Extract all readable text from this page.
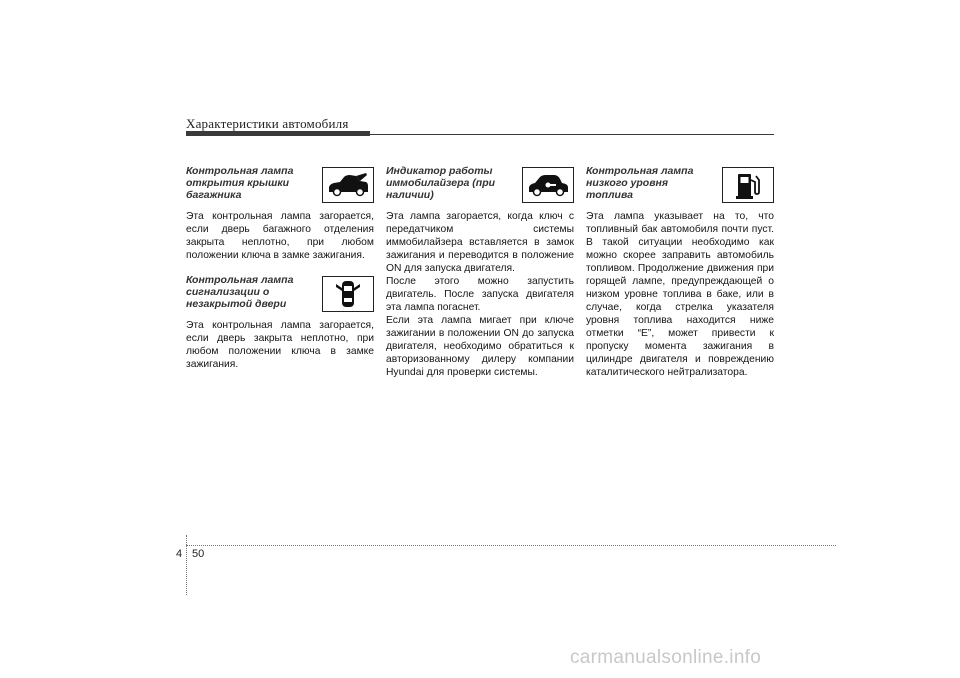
Характеристики автомобиля
Контрольная лампа открытия крышки багажника

Эта контрольная лампа загорается, если дверь багажного отделения закрыта неплотно, при любом положении ключа в замке зажигания.

Контрольная лампа сигнализации о незакрытой двери

Эта контрольная лампа загорается, если дверь закрыта неплотно, при любом положении ключа в замке зажигания.

Индикатор работы иммобилайзера (при наличии)

Эта лампа загорается, когда ключ с передатчиком системы иммобилайзера вставляется в замок зажигания и переводится в положение ON для запуска двигателя.

После этого можно запустить двигатель. После запуска двигателя эта лампа погаснет.

Если эта лампа мигает при ключе зажигании в положении ON до запуска двигателя, необходимо обратиться к авторизованному дилеру компании Hyundai для проверки системы.

Контрольная лампа низкого уровня топлива

Эта лампа указывает на то, что топливный бак автомобиля почти пуст. В такой ситуации необходимо как можно скорее заправить автомобиль топливом. Продолжение движения при горящей лампе, предупреждающей о низком уровне топлива в баке, или в случае, когда стрелка указателя уровня топлива находится ниже отметки “E”, может привести к пропуску момента зажигания в цилиндре двигателя и повреждению каталитического нейтрализатора.

4 50
carmanualsonline.info
